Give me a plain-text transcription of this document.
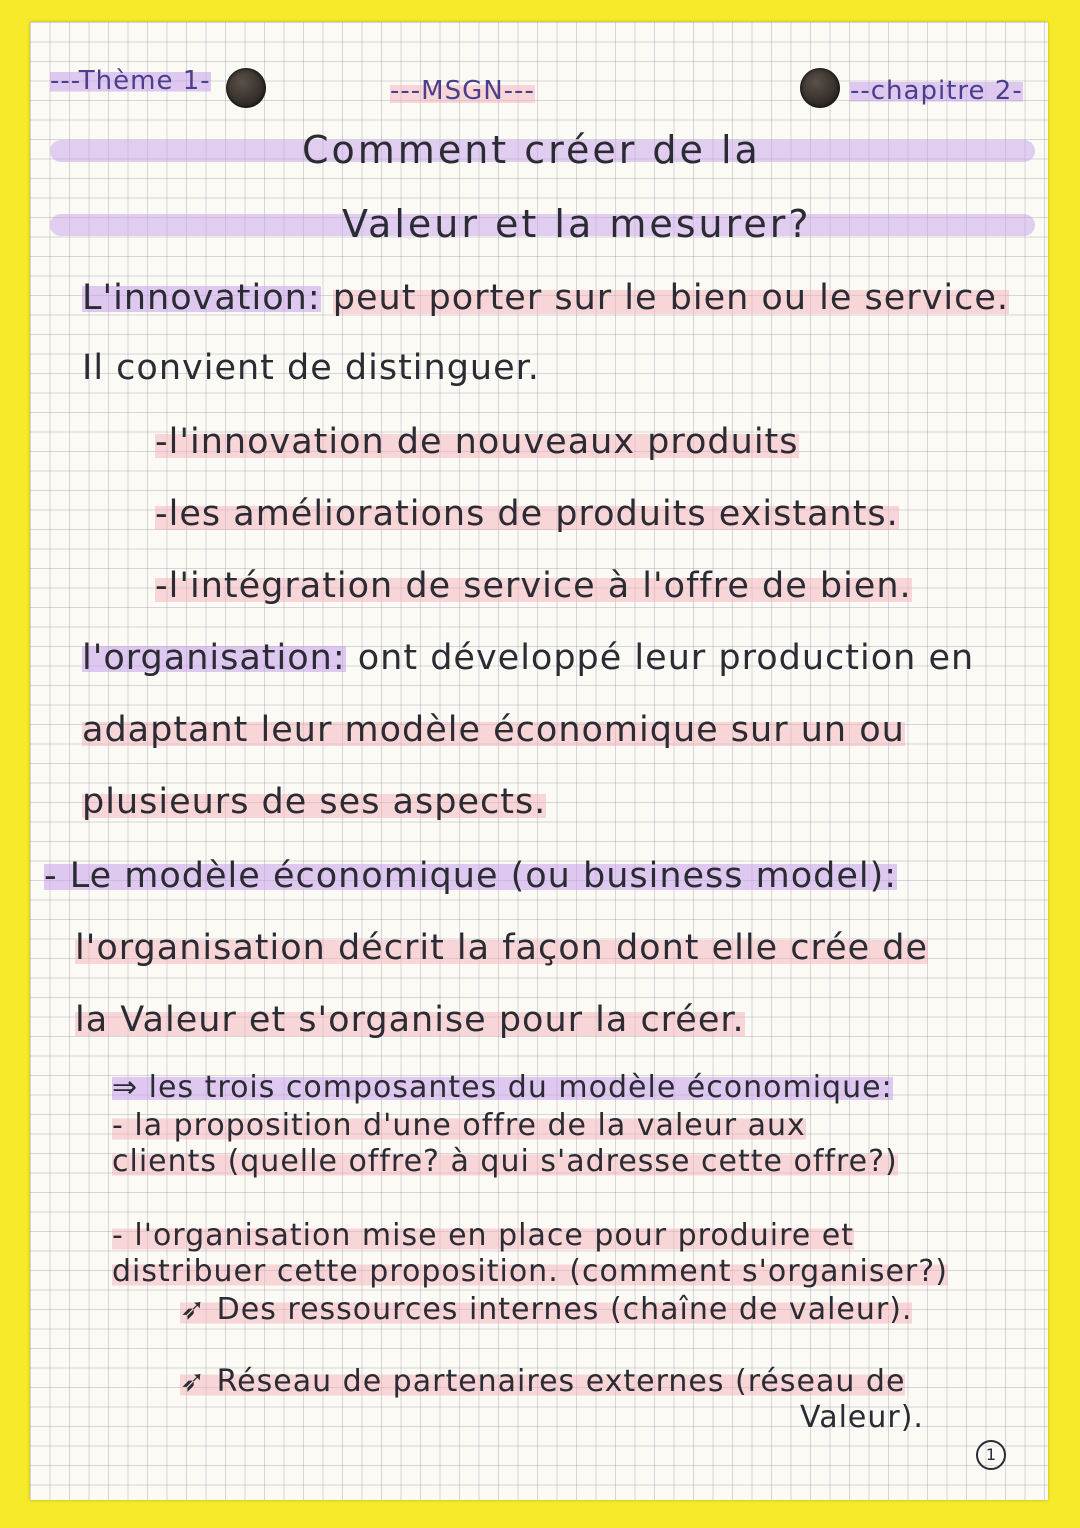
---Thème 1-	---MSGN---	--chapitre 2-
Comment créer de la
Valeur et la mesurer?
L'innovation: peut porter sur le bien ou le service.
Il convient de distinguer.
-l'innovation de nouveaux produits
-les améliorations de produits existants.
-l'intégration de service à l'offre de bien.
l'organisation: ont développé leur production en
adaptant leur modèle économique sur un ou
plusieurs de ses aspects.
- Le modèle économique (ou business model):
l'organisation décrit la façon dont elle crée de
la Valeur et s'organise pour la créer.
⇒ les trois composantes du modèle économique:
- la proposition d'une offre de la valeur aux
clients (quelle offre? à qui s'adresse cette offre?)
- l'organisation mise en place pour produire et
distribuer cette proposition. (comment s'organiser?)
➶ Des ressources internes (chaîne de valeur).
➶ Réseau de partenaires externes (réseau de
Valeur).
1
